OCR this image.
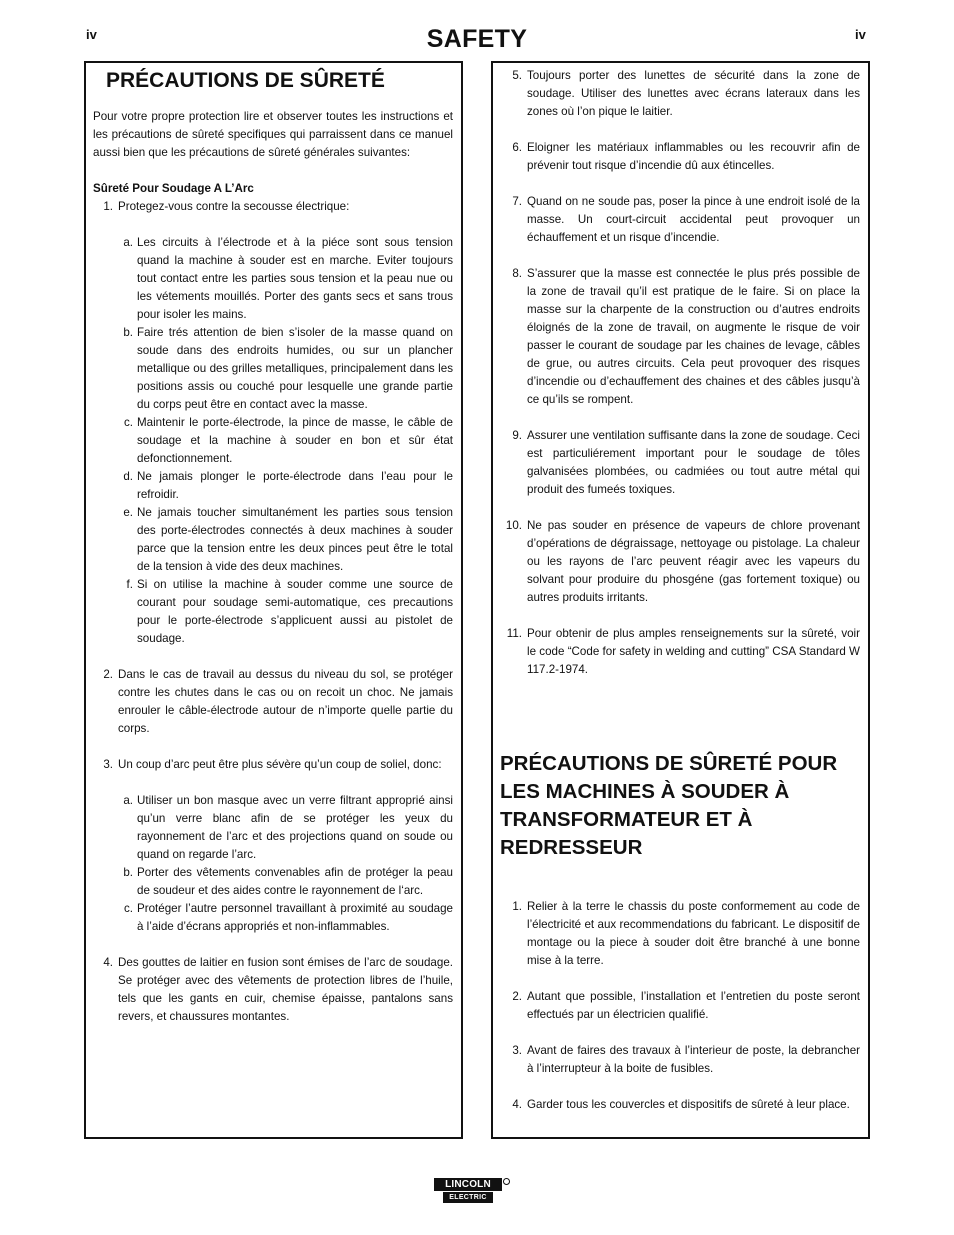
iv	SAFETY	iv
PRÉCAUTIONS DE SÛRETÉ

Pour votre propre protection lire et observer toutes les instructions et les précautions de sûreté specifiques qui parraissent dans ce manuel aussi bien que les précautions de sûreté générales suivantes:

Sûreté Pour Soudage A L’Arc

1. Protegez-vous contre la secousse électrique:
a. Les circuits à l’électrode et à la piéce sont sous tension quand la machine à souder est en marche. Eviter toujours tout contact entre les parties sous tension et la peau nue ou les vétements mouillés. Porter des gants secs et sans trous pour isoler les mains.
b. Faire trés attention de bien s’isoler de la masse quand on soude dans des endroits humides, ou sur un plancher metallique ou des grilles metalliques, principalement dans les positions assis ou couché pour lesquelle une grande partie du corps peut être en contact avec la masse.
c. Maintenir le porte-électrode, la pince de masse, le câble de soudage et la machine à souder en bon et sûr état defonctionnement.
d. Ne jamais plonger le porte-électrode dans l’eau pour le refroidir.
e. Ne jamais toucher simultanément les parties sous tension des porte-électrodes connectés à deux machines à souder parce que la tension entre les deux pinces peut être le total de la tension à vide des deux machines.
f. Si on utilise la machine à souder comme une source de courant pour soudage semi-automatique, ces precautions pour le porte-électrode s’applicuent aussi au pistolet de soudage.
2. Dans le cas de travail au dessus du niveau du sol, se protéger contre les chutes dans le cas ou on recoit un choc. Ne jamais enrouler le câble-électrode autour de n’importe quelle partie du corps.
3. Un coup d’arc peut être plus sévère qu’un coup de soliel, donc:
a. Utiliser un bon masque avec un verre filtrant approprié ainsi qu’un verre blanc afin de se protéger les yeux du rayonnement de l’arc et des projections quand on soude ou quand on regarde l’arc.
b. Porter des vêtements convenables afin de protéger la peau de soudeur et des aides contre le rayonnement de l‘arc.
c. Protéger l’autre personnel travaillant à proximité au soudage à l’aide d’écrans appropriés et non-inflammables.
4. Des gouttes de laitier en fusion sont émises de l’arc de soudage. Se protéger avec des vêtements de protection libres de l’huile, tels que les gants en cuir, chemise épaisse, pantalons sans revers, et chaussures montantes.
5. Toujours porter des lunettes de sécurité dans la zone de soudage. Utiliser des lunettes avec écrans lateraux dans les zones où l’on pique le laitier.
6. Eloigner les matériaux inflammables ou les recouvrir afin de prévenir tout risque d’incendie dû aux étincelles.
7. Quand on ne soude pas, poser la pince à une endroit isolé de la masse. Un court-circuit accidental peut provoquer un échauffement et un risque d’incendie.
8. S’assurer que la masse est connectée le plus prés possible de la zone de travail qu’il est pratique de le faire. Si on place la masse sur la charpente de la construction ou d’autres endroits éloignés de la zone de travail, on augmente le risque de voir passer le courant de soudage par les chaines de levage, câbles de grue, ou autres circuits. Cela peut provoquer des risques d’incendie ou d’echauffement des chaines et des câbles jusqu’à ce qu’ils se rompent.
9. Assurer une ventilation suffisante dans la zone de soudage. Ceci est particuliérement important pour le soudage de tôles galvanisées plombées, ou cadmiées ou tout autre métal qui produit des fumeés toxiques.
10. Ne pas souder en présence de vapeurs de chlore provenant d’opérations de dégraissage, nettoyage ou pistolage. La chaleur ou les rayons de l’arc peuvent réagir avec les vapeurs du solvant pour produire du phosgéne (gas fortement toxique) ou autres produits irritants.
11. Pour obtenir de plus amples renseignements sur la sûreté, voir le code “Code for safety in welding and cutting” CSA Standard W 117.2-1974.
PRÉCAUTIONS DE SÛRETÉ POUR LES MACHINES À SOUDER À TRANSFORMATEUR ET À REDRESSEUR
1. Relier à la terre le chassis du poste conformement au code de l’électricité et aux recommendations du fabricant. Le dispositif de montage ou la piece à souder doit être branché à une bonne mise à la terre.
2. Autant que possible, l’installation et l’entretien du poste seront effectués par un électricien qualifié.
3. Avant de faires des travaux à l’interieur de poste, la debrancher à l’interrupteur à la boite de fusibles.
4. Garder tous les couvercles et dispositifs de sûreté à leur place.
LINCOLN
ELECTRIC
